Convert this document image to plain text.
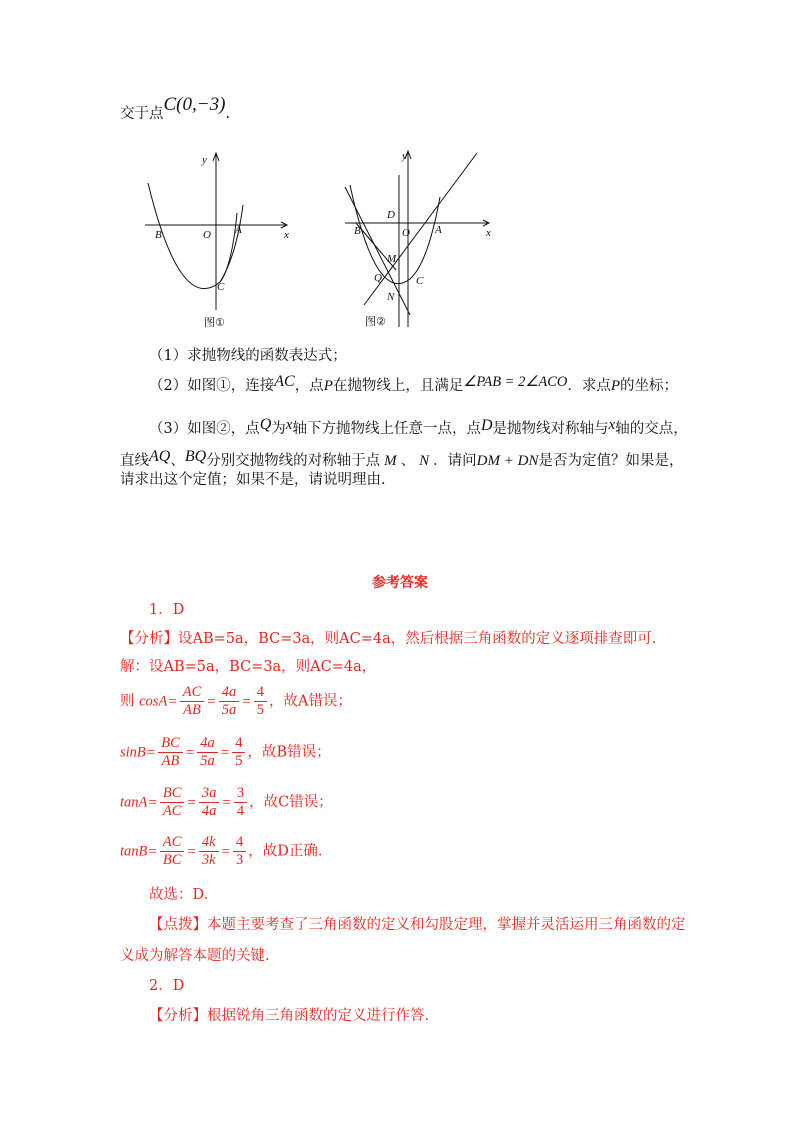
交于点C(0,−3).
y
x
O A
B
C
图①
y
x
D
O A
B
M
Q	C
N
图②
（1）求抛物线的函数表达式；
（2）如图①，连接AC，点P在抛物线上，且满足∠PAB = 2∠ACO．求点P的坐标；
（3）如图②，点Q为x轴下方抛物线上任意一点，点D是抛物线对称轴与x轴的交点，
直线AQ、BQ分别交抛物线的对称轴于点 M 、 N ．请问DM + DN是否为定值？如果是，
请求出这个定值；如果不是，请说明理由.
参考答案
1．D
【分析】设AB=5a，BC=3a，则AC=4a，然后根据三角函数的定义逐项排查即可.
解：设AB=5a，BC=3a，则AC=4a，
则 $\cos A= \frac{AC}{AB} = \frac{4a}{5a} = \frac{4}{5}$ ，故A错误；
$\sin B= \frac{BC}{AB} = \frac{4a}{5a} = \frac{4}{5}$ ，故B错误；
$\tan A= \frac{BC}{AC} = \frac{3a}{4a} = \frac{3}{4}$ ，故C错误；
$\tan B= \frac{AC}{BC} = \frac{4k}{3k} = \frac{4}{3}$ ，故D正确.
故选：D.
【点拨】本题主要考查了三角函数的定义和勾股定理，掌握并灵活运用三角函数的定
义成为解答本题的关键.
2．D
【分析】根据锐角三角函数的定义进行作答.
